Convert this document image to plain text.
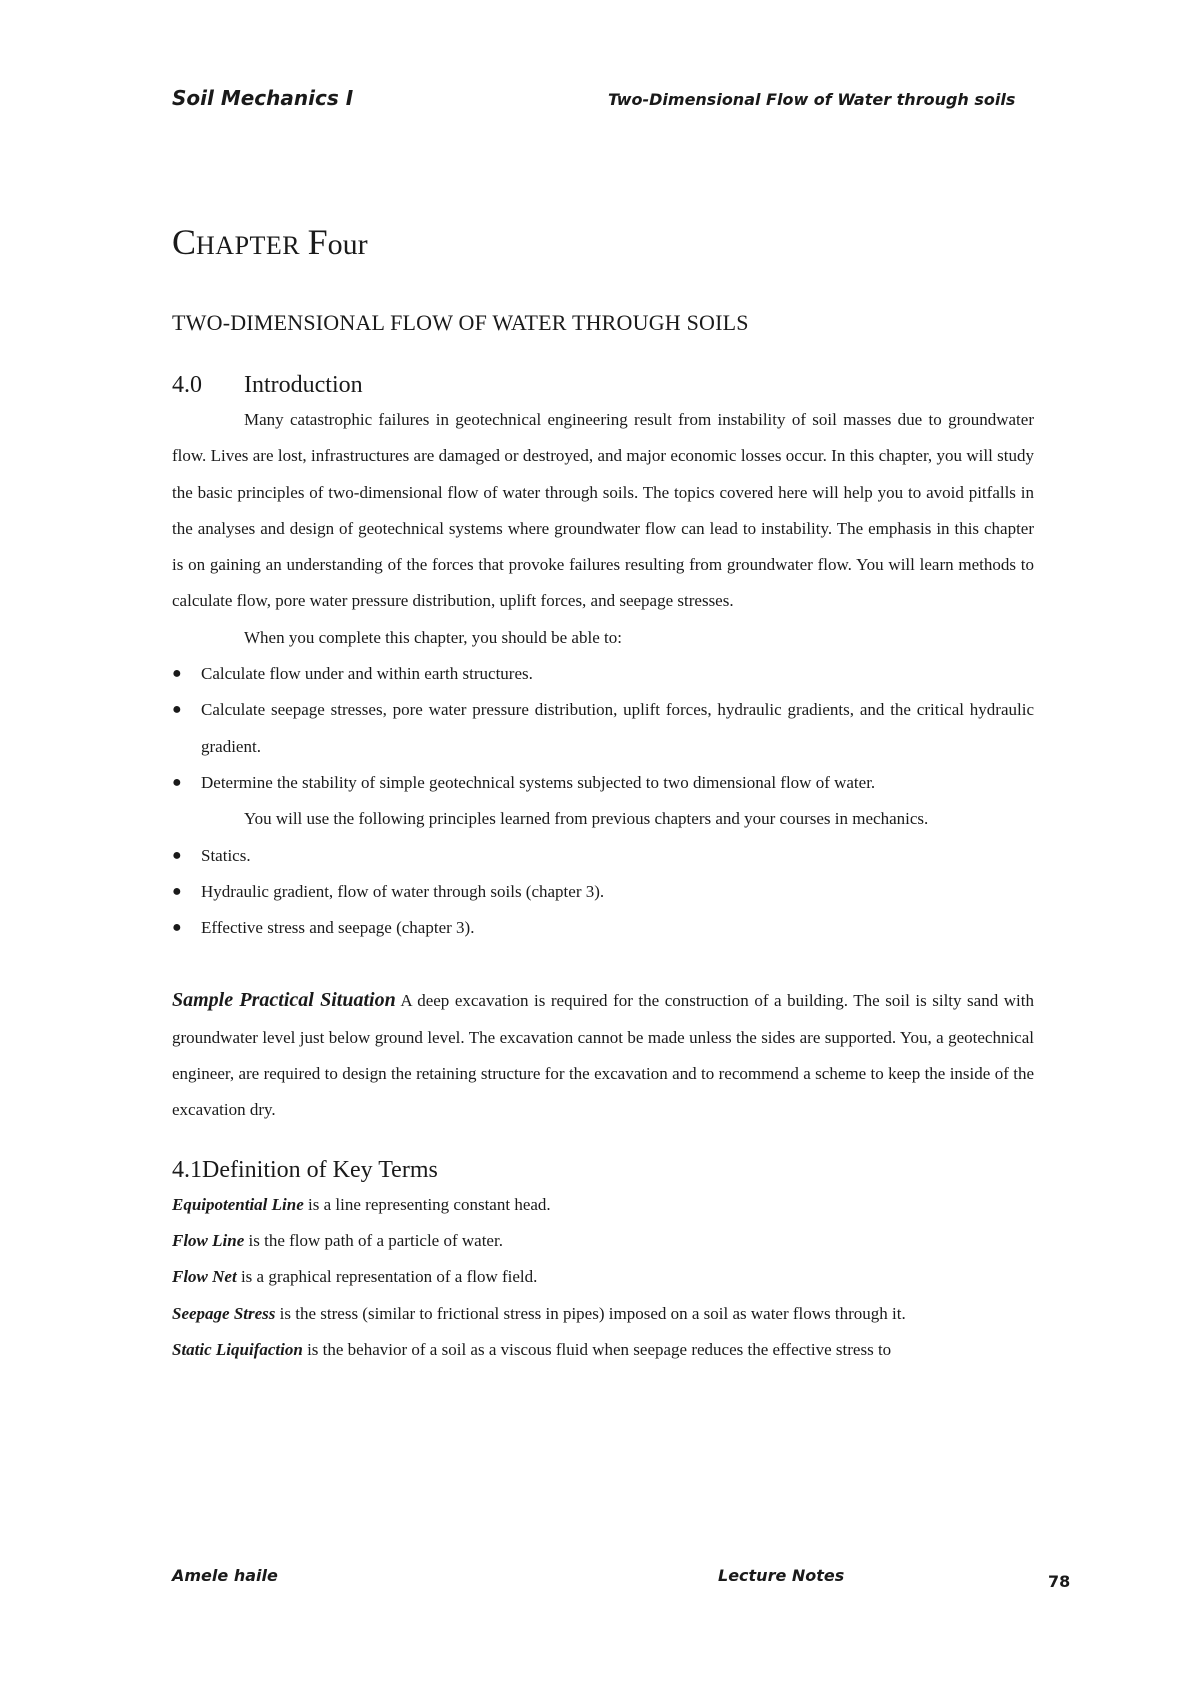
Soil Mechanics I	Two-Dimensional Flow of Water through soils
CHAPTER Four
TWO-DIMENSIONAL FLOW OF WATER THROUGH SOILS
4.0 Introduction

Many catastrophic failures in geotechnical engineering result from instability of soil masses due to groundwater flow. Lives are lost, infrastructures are damaged or destroyed, and major economic losses occur. In this chapter, you will study the basic principles of two-dimensional flow of water through soils. The topics covered here will help you to avoid pitfalls in the analyses and design of geotechnical systems where groundwater flow can lead to instability. The emphasis in this chapter is on gaining an understanding of the forces that provoke failures resulting from groundwater flow. You will learn methods to calculate flow, pore water pressure distribution, uplift forces, and seepage stresses.

When you complete this chapter, you should be able to:

● Calculate flow under and within earth structures.
● Calculate seepage stresses, pore water pressure distribution, uplift forces, hydraulic gradients, and the critical hydraulic gradient.
● Determine the stability of simple geotechnical systems subjected to two dimensional flow of water.

You will use the following principles learned from previous chapters and your courses in mechanics.

● Statics.
● Hydraulic gradient, flow of water through soils (chapter 3).
● Effective stress and seepage (chapter 3).

Sample Practical Situation A deep excavation is required for the construction of a building. The soil is silty sand with groundwater level just below ground level. The excavation cannot be made unless the sides are supported. You, a geotechnical engineer, are required to design the retaining structure for the excavation and to recommend a scheme to keep the inside of the excavation dry.

4.1Definition of Key Terms

Equipotential Line is a line representing constant head.

Flow Line is the flow path of a particle of water.

Flow Net is a graphical representation of a flow field.

Seepage Stress is the stress (similar to frictional stress in pipes) imposed on a soil as water flows through it.

Static Liquifaction is the behavior of a soil as a viscous fluid when seepage reduces the effective stress to

Amele haile	Lecture Notes	78
